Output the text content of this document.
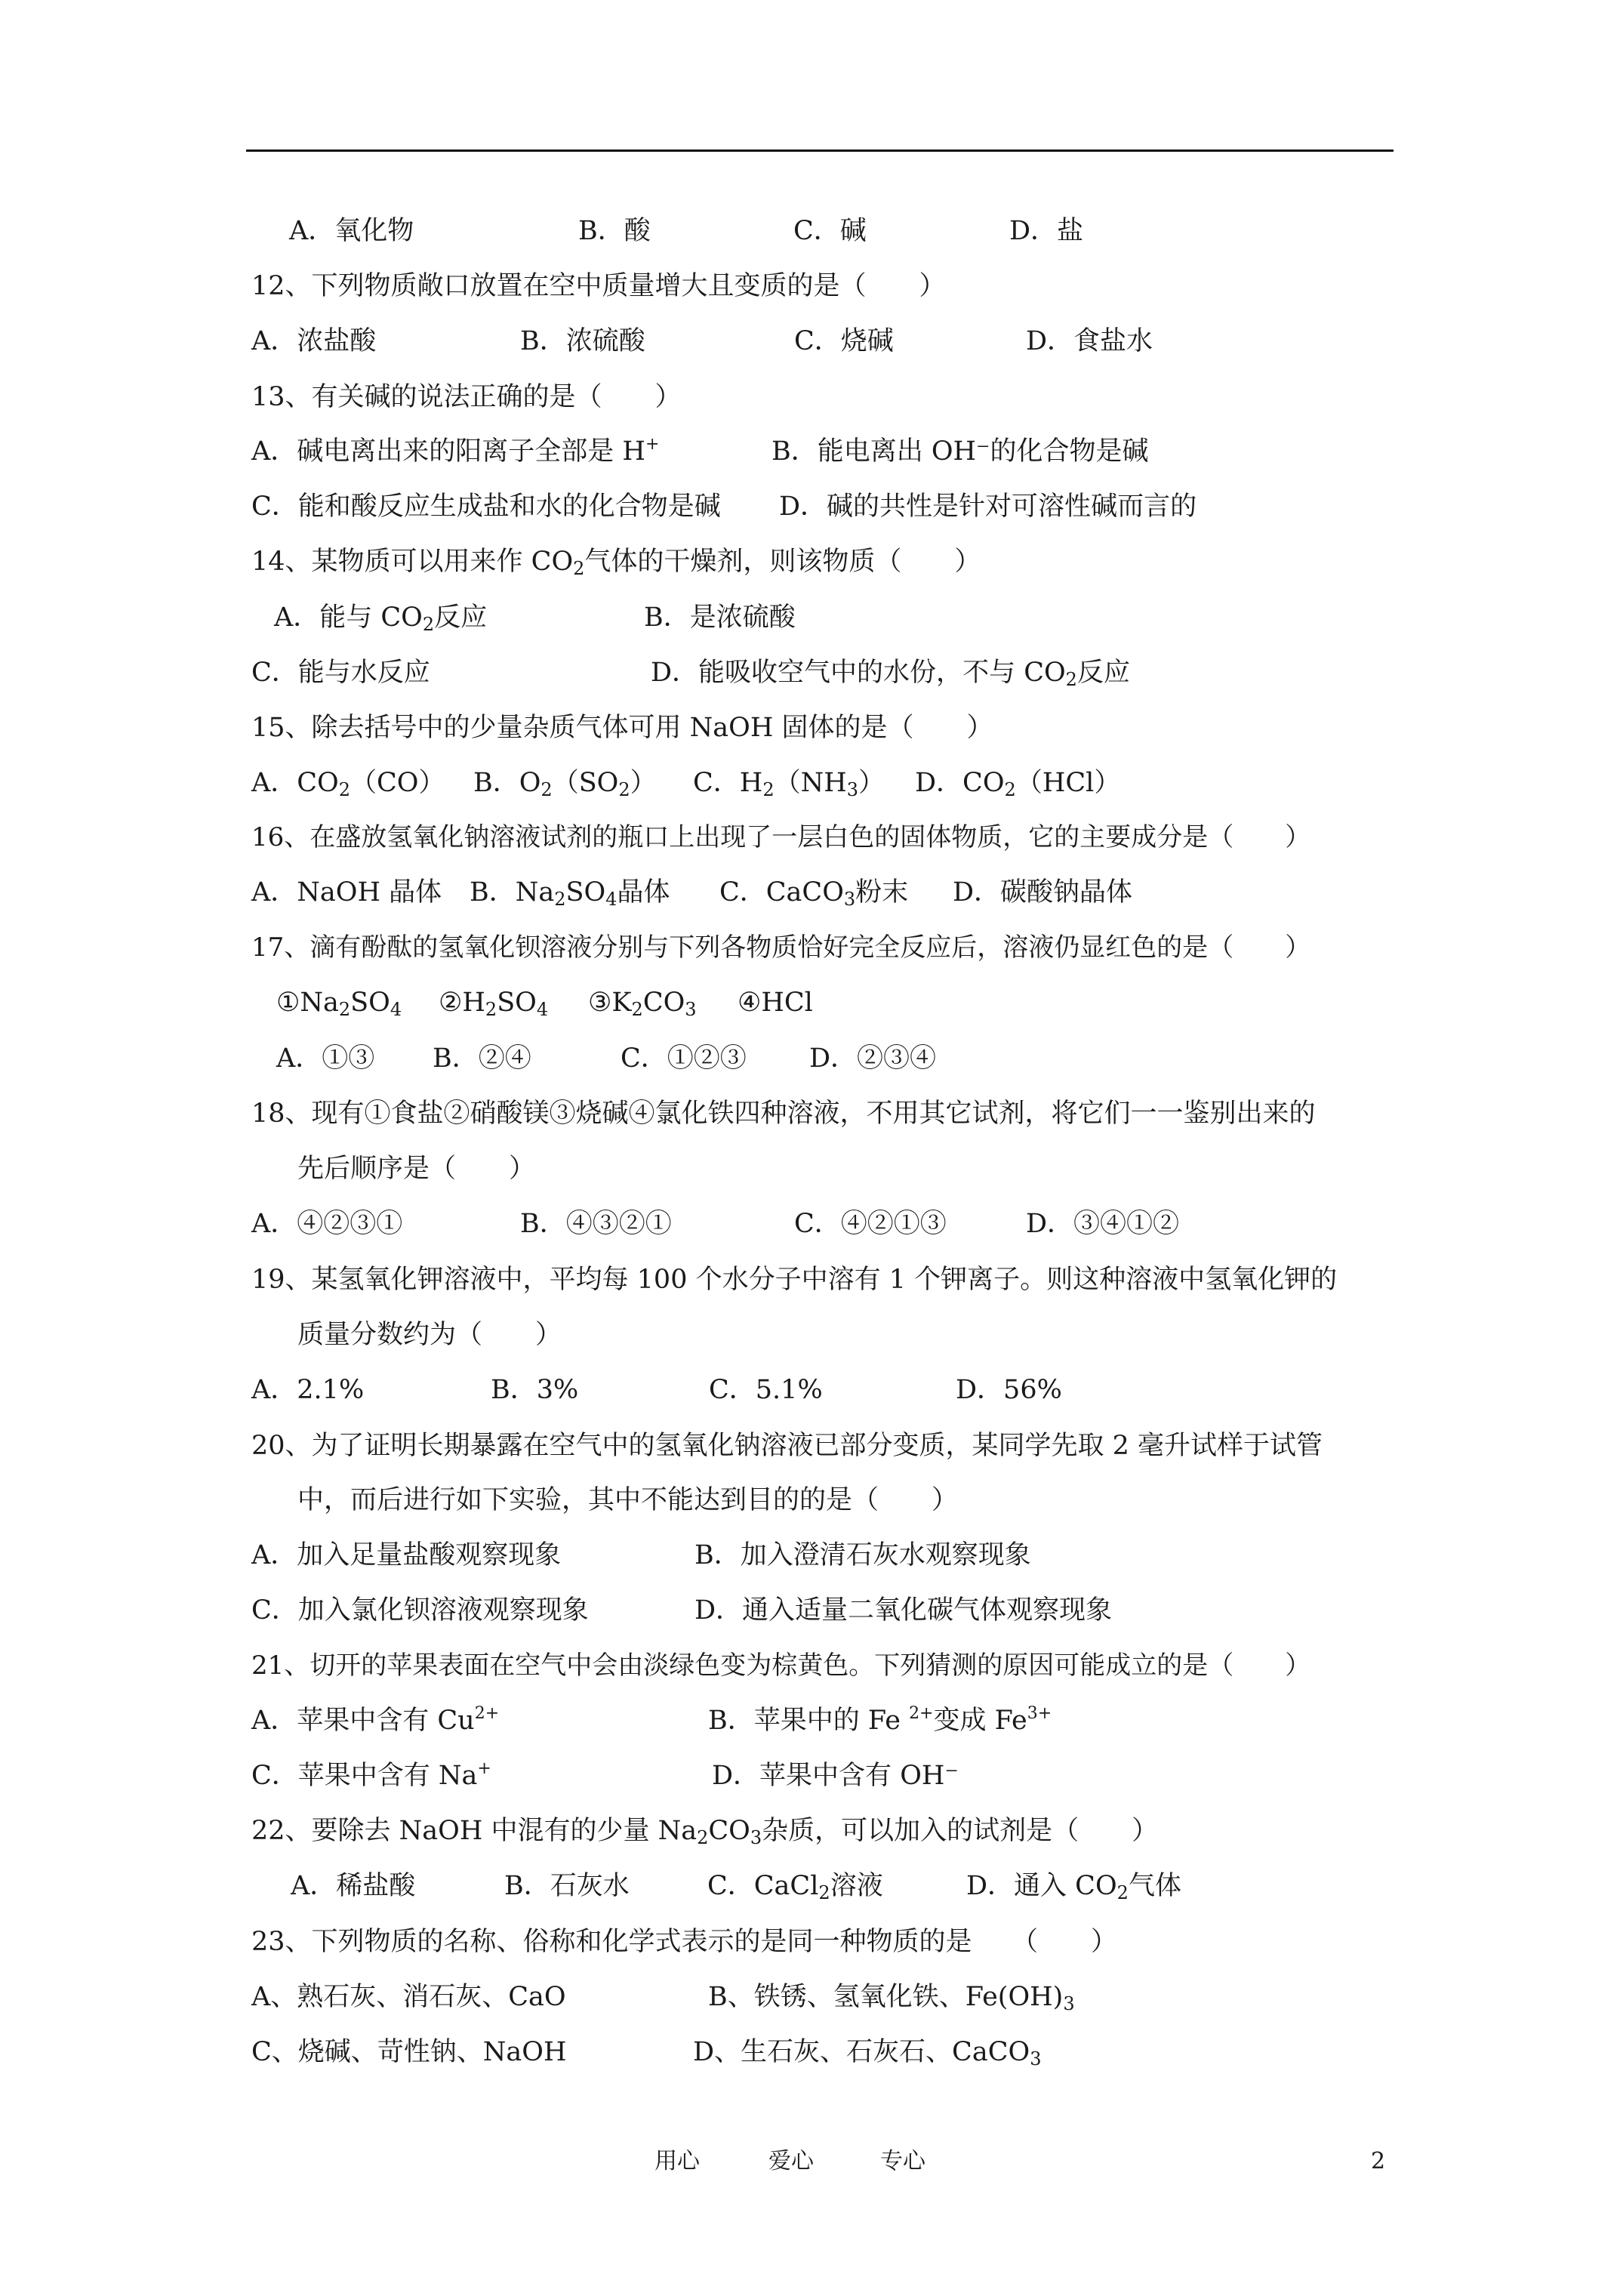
A．氧化物	B．酸	C．碱	D．盐
12、下列物质敞口放置在空中质量增大且变质的是（　　）
A．浓盐酸	B．浓硫酸	C．烧碱	D．食盐水
13、有关碱的说法正确的是（　　）
A．碱电离出来的阳离子全部是 H+	B．能电离出 OH⁻的化合物是碱
C．能和酸反应生成盐和水的化合物是碱 D．碱的共性是针对可溶性碱而言的
14、某物质可以用来作 $CO_2$气体的干燥剂，则该物质（　　）
A．能与 $CO_2$反应	B．是浓硫酸
C．能与水反应	D．能吸收空气中的水份，不与 $CO_2$反应
15、除去括号中的少量杂质气体可用 NaOH 固体的是（　　）
A．$CO_2(CO)$ B．$O_2(SO_2)$ C．$H_2(NH_3)$ D．$CO_2(HCl)$
16、在盛放氢氧化钠溶液试剂的瓶口上出现了一层白色的固体物质，它的主要成分是（　　）
A．NaOH 晶体 B．$Na_2SO_4$晶体 C．CaCO$_3$粉末 D．碳酸钠晶体
17、滴有酚酞的氢氧化钡溶液分别与下列各物质恰好完全反应后，溶液仍显红色的是（　　）
$①Na_2SO_4$ $②H_2SO_4$ $③K_2CO_3$ ④HCl
A．①③ B．②④	C．①②③ D．②③④
18、现有①食盐②硝酸镁③烧碱④氯化铁四种溶液，不用其它试剂，将它们一一鉴别出来的
先后顺序是（　　）
A．④②③①	B．④③②①	C．④②①③	D．③④①②
19、某氢氧化钾溶液中，平均每 100 个水分子中溶有 1 个钾离子。则这种溶液中氢氧化钾的
质量分数约为（　　）
A．2.1%	B．3%	C．5.1%	D．56%
20、为了证明长期暴露在空气中的氢氧化钠溶液已部分变质，某同学先取 2 毫升试样于试管
中，而后进行如下实验，其中不能达到目的的是（　　）
A．加入足量盐酸观察现象	B．加入澄清石灰水观察现象
C．加入氯化钡溶液观察现象	D．通入适量二氧化碳气体观察现象
21、切开的苹果表面在空气中会由淡绿色变为棕黄色。下列猜测的原因可能成立的是（　　）
A．苹果中含有 $Cu^{2+}$	B．苹果中的 Fe $^{2+}$变成 $Fe^{3+}$
C．苹果中含有 Na+	D．苹果中含有 OH⁻
22、要除去 NaOH 中混有的少量 $Na_2CO_3$杂质，可以加入的试剂是（　　）
A．稀盐酸	B．石灰水	C．CaCl$_2$溶液	D．通入 $CO_2$气体
23、下列物质的名称、俗称和化学式表示的是同一种物质的是　　（　　）
A、熟石灰、消石灰、CaO	B、铁锈、氢氧化铁、$Fe(OH)_3$
C、烧碱、苛性钠、NaOH	D、生石灰、石灰石、CaCO$_3$
用心	爱心	专心	2
